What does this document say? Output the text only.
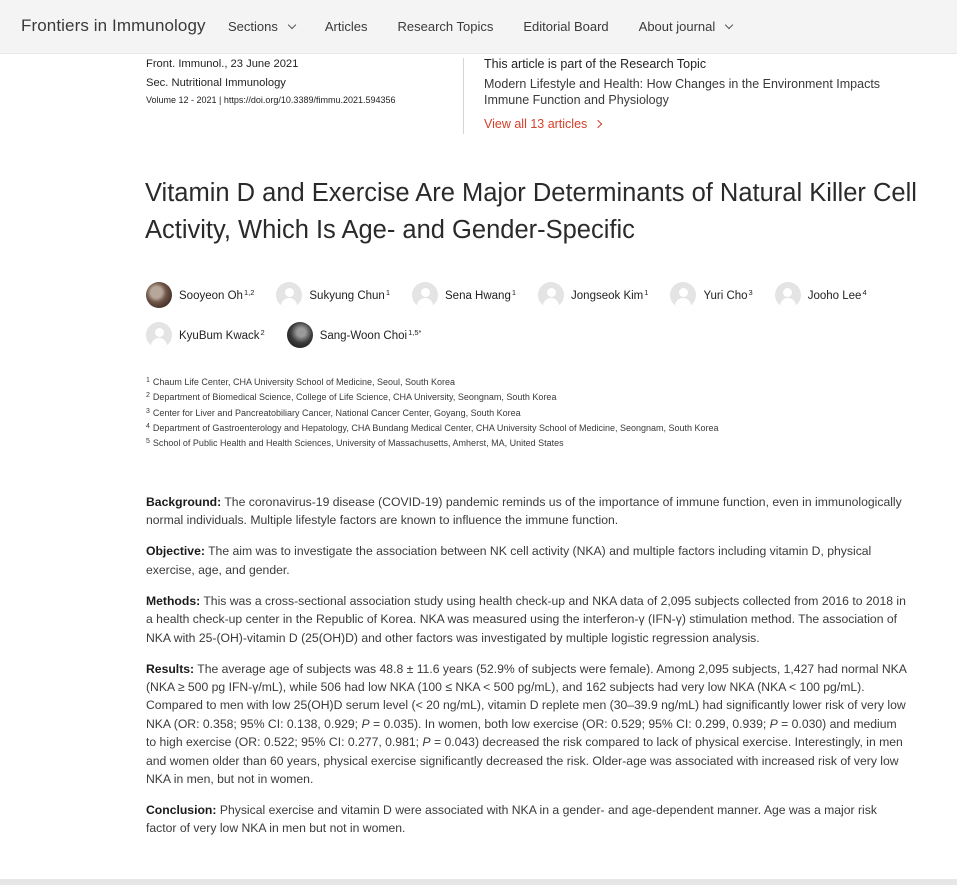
Frontiers in Immunology Sections	Articles Research Topics Editorial Board About journal
Front. Immunol., 23 June 2021
Sec. Nutritional Immunology
Volume 12 - 2021 | https://doi.org/10.3389/fimmu.2021.594356
This article is part of the Research Topic
Modern Lifestyle and Health: How Changes in the Environment Impacts Immune Function and Physiology
View all 13 articles
Vitamin D and Exercise Are Major Determinants of Natural Killer Cell Activity, Which Is Age- and Gender-Specific
Sooyeon Oh$^{1,2}$	Sukyung Chun$^1$	Sena Hwang$^1$	Jongseok Kim$^1$	Yuri Cho$^3$	Jooho Lee$^4$
KyuBum Kwack$^2$	Sang-Woon Choi$^{1,5*}$
$^1$ Chaum Life Center, CHA University School of Medicine, Seoul, South Korea
$^2$ Department of Biomedical Science, College of Life Science, CHA University, Seongnam, South Korea
$^3$ Center for Liver and Pancreatobiliary Cancer, National Cancer Center, Goyang, South Korea
$^4$ Department of Gastroenterology and Hepatology, CHA Bundang Medical Center, CHA University School of Medicine, Seongnam, South Korea
$^5$ School of Public Health and Health Sciences, University of Massachusetts, Amherst, MA, United States

Background: The coronavirus-19 disease (COVID-19) pandemic reminds us of the importance of immune function, even in immunologically normal individuals. Multiple lifestyle factors are known to influence the immune function.

Objective: The aim was to investigate the association between NK cell activity (NKA) and multiple factors including vitamin D, physical exercise, age, and gender.

Methods: This was a cross-sectional association study using health check-up and NKA data of 2,095 subjects collected from 2016 to 2018 in a health check-up center in the Republic of Korea. NKA was measured using the interferon-γ (IFN-γ) stimulation method. The association of NKA with 25-(OH)-vitamin D (25(OH)D) and other factors was investigated by multiple logistic regression analysis.

Results: The average age of subjects was 48.8 ± 11.6 years (52.9% of subjects were female). Among 2,095 subjects, 1,427 had normal NKA (NKA ≥ 500 pg IFN-γ/mL), while 506 had low NKA (100 ≤ NKA < 500 pg/mL), and 162 subjects had very low NKA (NKA < 100 pg/mL). Compared to men with low 25(OH)D serum level (< 20 ng/mL), vitamin D replete men (30–39.9 ng/mL) had significantly lower risk of very low NKA (OR: 0.358; 95% CI: 0.138, 0.929; P = 0.035). In women, both low exercise (OR: 0.529; 95% CI: 0.299, 0.939; P = 0.030) and medium to high exercise (OR: 0.522; 95% CI: 0.277, 0.981; P = 0.043) decreased the risk compared to lack of physical exercise. Interestingly, in men and women older than 60 years, physical exercise significantly decreased the risk. Older-age was associated with increased risk of very low NKA in men, but not in women.

Conclusion: Physical exercise and vitamin D were associated with NKA in a gender- and age-dependent manner. Age was a major risk factor of very low NKA in men but not in women.
